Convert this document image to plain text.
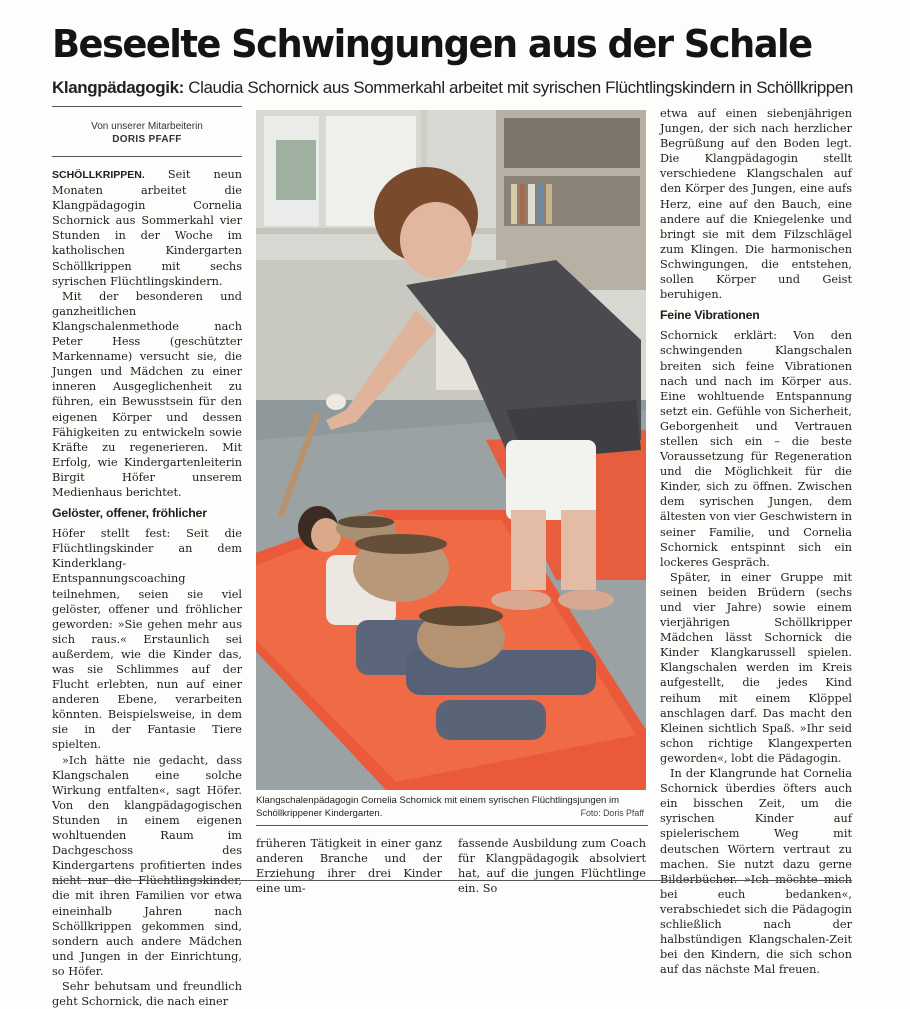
Beseelte Schwingungen aus der Schale
Klangpädagogik: Claudia Schornick aus Sommerkahl arbeitet mit syrischen Flüchtlingskindern in Schöllkrippen
Von unserer Mitarbeiterin
DORIS PFAFF

SCHÖLLKRIPPEN. Seit neun Monaten arbeitet die Klangpädagogin Cornelia Schornick aus Sommerkahl vier Stunden in der Woche im katholischen Kindergarten Schöllkrippen mit sechs syrischen Flüchtlingskindern.

Mit der besonderen und ganzheitlichen Klangschalenmethode nach Peter Hess (geschützter Markenname) versucht sie, die Jungen und Mädchen zu einer inneren Ausgeglichenheit zu führen, ein Bewusstsein für den eigenen Körper und dessen Fähigkeiten zu entwickeln sowie Kräfte zu regenerieren. Mit Erfolg, wie Kindergartenleiterin Birgit Höfer unserem Medienhaus berichtet.

Gelöster, offener, fröhlicher

Höfer stellt fest: Seit die Flüchtlingskinder an dem Kinderklang-Entspannungscoaching teilnehmen, seien sie viel gelöster, offener und fröhlicher geworden: »Sie gehen mehr aus sich raus.« Erstaunlich sei außerdem, wie die Kinder das, was sie Schlimmes auf der Flucht erlebten, nun auf einer anderen Ebene, verarbeiten könnten. Beispielsweise, in dem sie in der Fantasie Tiere spielten.

»Ich hätte nie gedacht, dass Klangschalen eine solche Wirkung entfalten«, sagt Höfer. Von den klangpädagogischen Stunden in einem eigenen wohltuenden Raum im Dachgeschoss des Kindergartens profitierten indes die mit ihren Familien vor etwa eineinhalb Jahren nach Schöllkrippen gekommen sind, sondern auch andere Mädchen und Jungen in der Einrichtung, so Höfer.

Sehr behutsam und freundlich geht Schornick, die nach einer

Klangschalenpädagogin Cornelia Schornick mit einem syrischen Flüchtlingsjungen im Schöllkrippener Kindergarten.	Foto: Doris Pfaff
früheren Tätigkeit in einer ganz anderen Branche und der Erziehung ihrer drei Kinder eine um-
fassende Ausbildung zum Coach für Klangpädagogik absolviert hat, auf die jungen Flüchtlinge ein. So

etwa auf einen siebenjährigen Jungen, der sich nach herzlicher Begrüßung auf den Boden legt. Die Klangpädagogin stellt verschiedene Klangschalen auf den Körper des Jungen, eine aufs Herz, eine auf den Bauch, eine andere auf die Kniegelenke und bringt sie mit dem Filzschlägel zum Klingen. Die harmonischen Schwingungen, die entstehen, sollen Körper und Geist beruhigen.

Feine Vibrationen

Schornick erklärt: Von den schwingenden Klangschalen breiten sich feine Vibrationen nach und nach im Körper aus. Eine wohltuende Entspannung setzt ein. Gefühle von Sicherheit, Geborgenheit und Vertrauen stellen sich ein – die beste Voraussetzung für Regeneration und die Möglichkeit für die Kinder, sich zu öffnen. Zwischen dem syrischen Jungen, dem ältesten von vier Geschwistern in seiner Familie, und Cornelia Schornick entspinnt sich ein lockeres Gespräch.

Später, in einer Gruppe mit seinen beiden Brüdern (sechs und vier Jahre) sowie einem vierjährigen Schöllkripper Mädchen lässt Schornick die Kinder Klangkarussell spielen. Klangschalen werden im Kreis aufgestellt, die jedes Kind reihum mit einem Klöppel anschlagen darf. Das macht den Kleinen sichtlich Spaß. »Ihr seid schon richtige Klangexperten geworden«, lobt die Pädagogin.

In der Klangrunde hat Cornelia Schornick überdies öfters auch ein bisschen Zeit, um die syrischen Kinder auf spielerischem Weg mit deutschen Wörtern vertraut zu machen. Sie nutzt dazu gerne bei euch bedanken«, verabschiedet sich die Pädagogin schließlich nach der halbstündigen Klangschalen-Zeit bei den Kindern, die sich schon auf das nächste Mal freuen.
